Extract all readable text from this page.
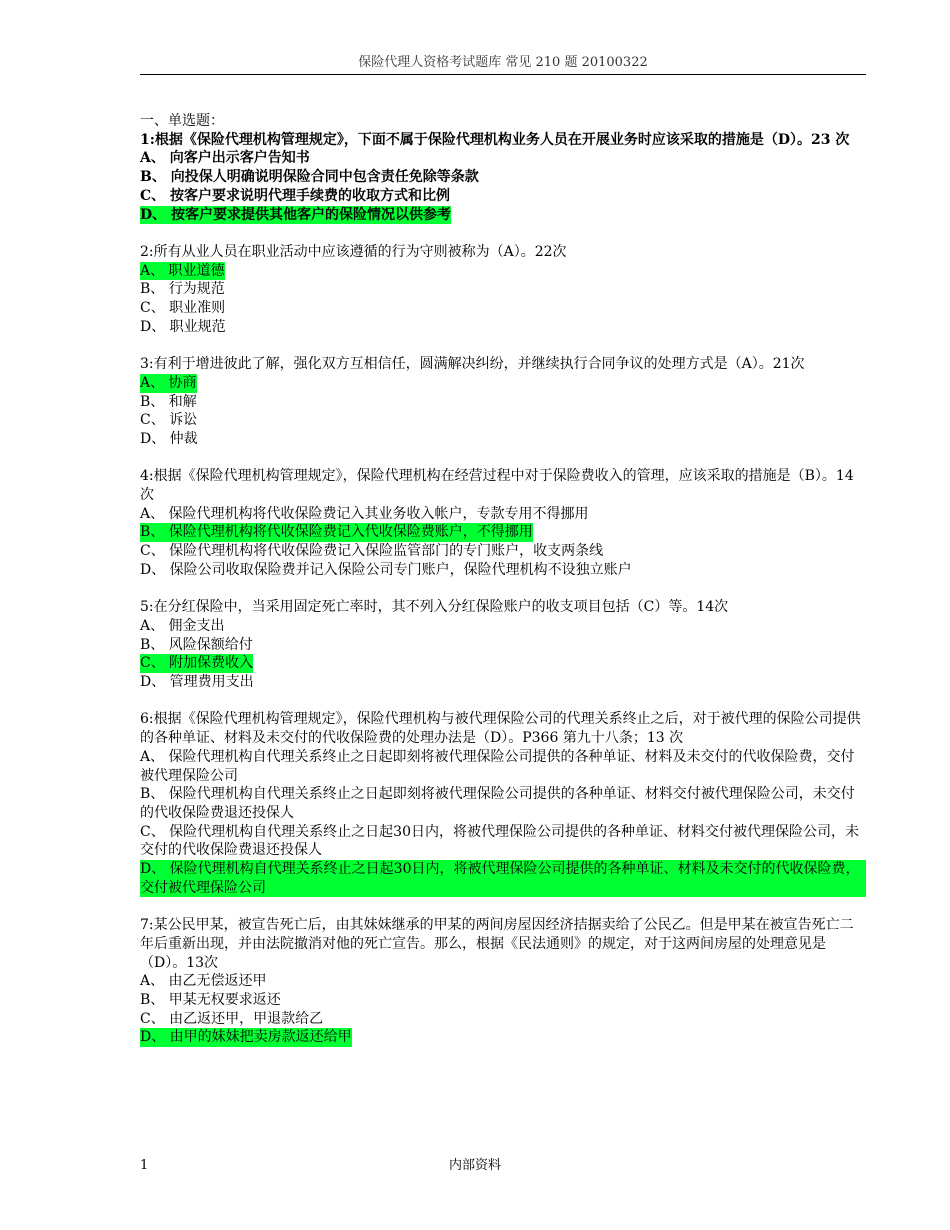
保险代理人资格考试题库 常见 210 题 20100322

一、单选题：

1:根据《保险代理机构管理规定》，下面不属于保险代理机构业务人员在开展业务时应该采取的措施是（D）。23 次

A、 向客户出示客户告知书

B、 向投保人明确说明保险合同中包含责任免除等条款

C、 按客户要求说明代理手续费的收取方式和比例

D、 按客户要求提供其他客户的保险情况以供参考

2:所有从业人员在职业活动中应该遵循的行为守则被称为（A）。22次

A、 职业道德

B、 行为规范

C、 职业准则

D、 职业规范

3:有利于增进彼此了解，强化双方互相信任，圆满解决纠纷，并继续执行合同争议的处理方式是（A）。21次

A、 协商

B、 和解

C、 诉讼

D、 仲裁

4:根据《保险代理机构管理规定》，保险代理机构在经营过程中对于保险费收入的管理，应该采取的措施是（B）。14次

A、 保险代理机构将代收保险费记入其业务收入帐户，专款专用不得挪用

B、 保险代理机构将代收保险费记入代收保险费账户，不得挪用

C、 保险代理机构将代收保险费记入保险监管部门的专门账户，收支两条线

D、 保险公司收取保险费并记入保险公司专门账户，保险代理机构不设独立账户

5:在分红保险中，当采用固定死亡率时，其不列入分红保险账户的收支项目包括（C）等。14次

A、 佣金支出

B、 风险保额给付

C、 附加保费收入

D、 管理费用支出

6:根据《保险代理机构管理规定》，保险代理机构与被代理保险公司的代理关系终止之后，对于被代理的保险公司提供的各种单证、材料及未交付的代收保险费的处理办法是（D）。P366 第九十八条；13 次

A、 保险代理机构自代理关系终止之日起即刻将被代理保险公司提供的各种单证、材料及未交付的代收保险费，交付被代理保险公司

B、 保险代理机构自代理关系终止之日起即刻将被代理保险公司提供的各种单证、材料交付被代理保险公司，未交付的代收保险费退还投保人

C、 保险代理机构自代理关系终止之日起30日内，将被代理保险公司提供的各种单证、材料交付被代理保险公司，未交付的代收保险费退还投保人

D、 保险代理机构自代理关系终止之日起30日内，将被代理保险公司提供的各种单证、材料及未交付的代收保险费，交付被代理保险公司

7:某公民甲某，被宣告死亡后，由其妹妹继承的甲某的两间房屋因经济拮据卖给了公民乙。但是甲某在被宣告死亡二年后重新出现，并由法院撤消对他的死亡宣告。那么，根据《民法通则》的规定，对于这两间房屋的处理意见是（D）。13次

A、 由乙无偿返还甲

B、 甲某无权要求返还

C、 由乙返还甲，甲退款给乙

D、 由甲的妹妹把卖房款返还给甲

1	内部资料
